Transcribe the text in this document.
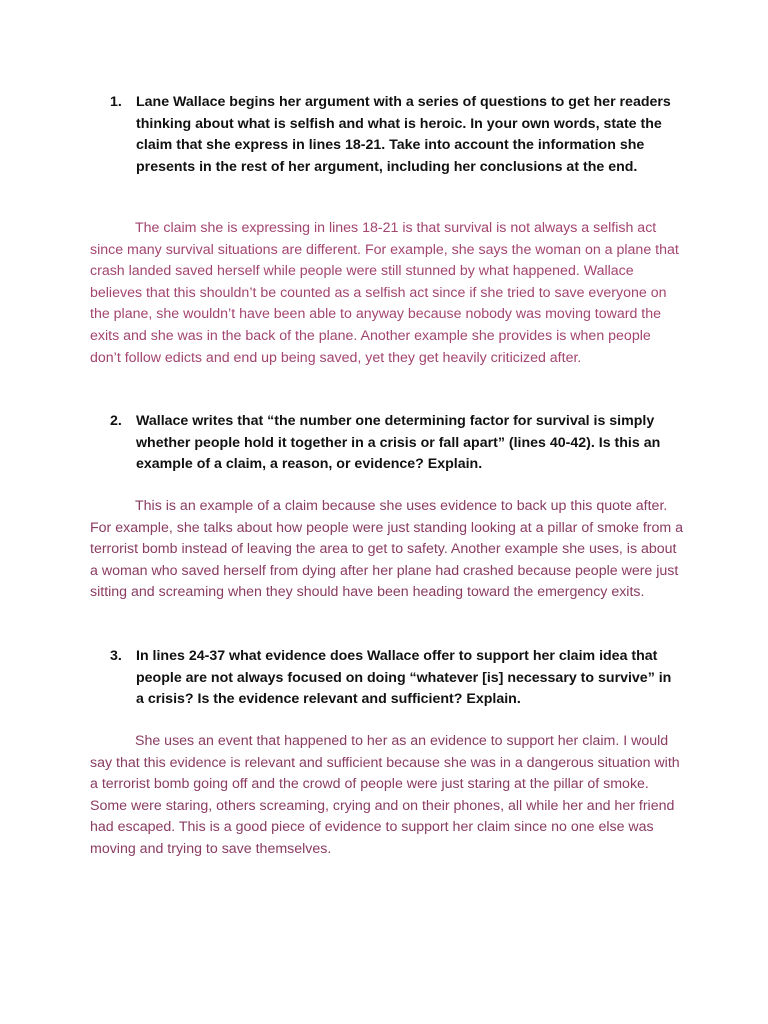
1. Lane Wallace begins her argument with a series of questions to get her readers thinking about what is selfish and what is heroic. In your own words, state the claim that she express in lines 18-21. Take into account the information she presents in the rest of her argument, including her conclusions at the end.
The claim she is expressing in lines 18-21 is that survival is not always a selfish act since many survival situations are different. For example, she says the woman on a plane that crash landed saved herself while people were still stunned by what happened. Wallace believes that this shouldn’t be counted as a selfish act since if she tried to save everyone on the plane, she wouldn’t have been able to anyway because nobody was moving toward the exits and she was in the back of the plane. Another example she provides is when people don’t follow edicts and end up being saved, yet they get heavily criticized after.
2. Wallace writes that “the number one determining factor for survival is simply whether people hold it together in a crisis or fall apart” (lines 40-42). Is this an example of a claim, a reason, or evidence? Explain.
This is an example of a claim because she uses evidence to back up this quote after. For example, she talks about how people were just standing looking at a pillar of smoke from a terrorist bomb instead of leaving the area to get to safety. Another example she uses, is about a woman who saved herself from dying after her plane had crashed because people were just sitting and screaming when they should have been heading toward the emergency exits.
3. In lines 24-37 what evidence does Wallace offer to support her claim idea that people are not always focused on doing “whatever [is] necessary to survive” in a crisis? Is the evidence relevant and sufficient? Explain.
She uses an event that happened to her as an evidence to support her claim. I would say that this evidence is relevant and sufficient because she was in a dangerous situation with a terrorist bomb going off and the crowd of people were just staring at the pillar of smoke. Some were staring, others screaming, crying and on their phones, all while her and her friend had escaped. This is a good piece of evidence to support her claim since no one else was moving and trying to save themselves.
